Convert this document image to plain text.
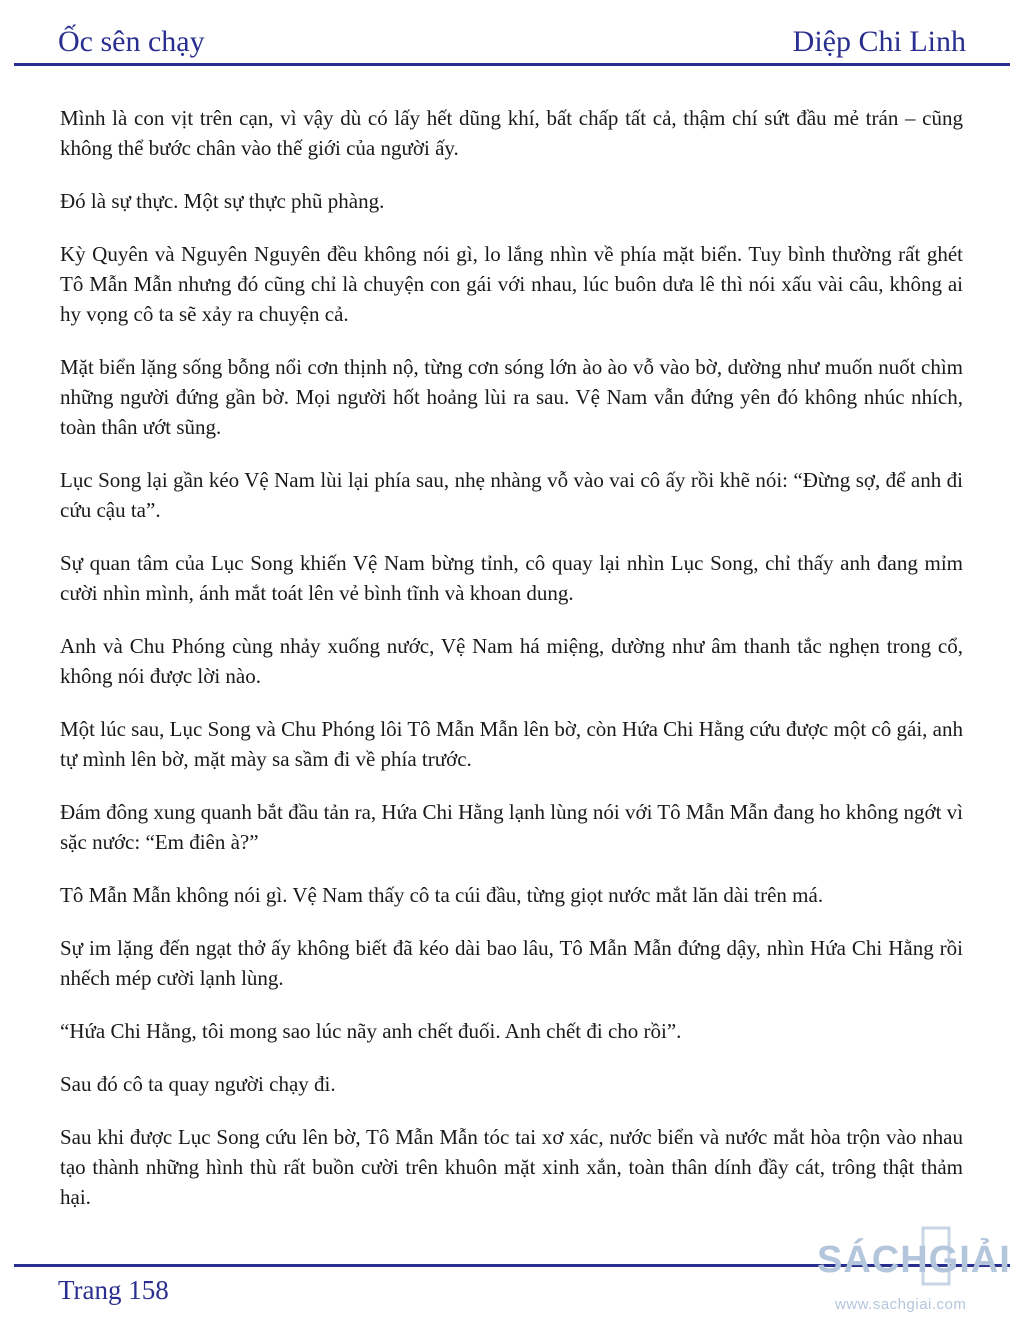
Ốc sên chạy	Diệp Chi Linh

Mình là con vịt trên cạn, vì vậy dù có lấy hết dũng khí, bất chấp tất cả, thậm chí sứt đầu mẻ trán – cũng không thể bước chân vào thế giới của người ấy.

Đó là sự thực. Một sự thực phũ phàng.

Kỳ Quyên và Nguyên Nguyên đều không nói gì, lo lắng nhìn về phía mặt biển. Tuy bình thường rất ghét Tô Mẫn Mẫn nhưng đó cũng chỉ là chuyện con gái với nhau, lúc buôn dưa lê thì nói xấu vài câu, không ai hy vọng cô ta sẽ xảy ra chuyện cả.

Mặt biển lặng sống bỗng nổi cơn thịnh nộ, từng cơn sóng lớn ào ào vỗ vào bờ, dường như muốn nuốt chìm những người đứng gần bờ. Mọi người hốt hoảng lùi ra sau. Vệ Nam vẫn đứng yên đó không nhúc nhích, toàn thân ướt sũng.

Lục Song lại gần kéo Vệ Nam lùi lại phía sau, nhẹ nhàng vỗ vào vai cô ấy rồi khẽ nói: “Đừng sợ, để anh đi cứu cậu ta”.

Sự quan tâm của Lục Song khiến Vệ Nam bừng tỉnh, cô quay lại nhìn Lục Song, chỉ thấy anh đang mỉm cười nhìn mình, ánh mắt toát lên vẻ bình tĩnh và khoan dung.

Anh và Chu Phóng cùng nhảy xuống nước, Vệ Nam há miệng, dường như âm thanh tắc nghẹn trong cổ, không nói được lời nào.

Một lúc sau, Lục Song và Chu Phóng lôi Tô Mẫn Mẫn lên bờ, còn Hứa Chi Hằng cứu được một cô gái, anh tự mình lên bờ, mặt mày sa sầm đi về phía trước.

Đám đông xung quanh bắt đầu tản ra, Hứa Chi Hằng lạnh lùng nói với Tô Mẫn Mẫn đang ho không ngớt vì sặc nước: “Em điên à?”

Tô Mẫn Mẫn không nói gì. Vệ Nam thấy cô ta cúi đầu, từng giọt nước mắt lăn dài trên má.

Sự im lặng đến ngạt thở ấy không biết đã kéo dài bao lâu, Tô Mẫn Mẫn đứng dậy, nhìn Hứa Chi Hằng rồi nhếch mép cười lạnh lùng.

“Hứa Chi Hằng, tôi mong sao lúc nãy anh chết đuối. Anh chết đi cho rồi”.

Sau đó cô ta quay người chạy đi.

Sau khi được Lục Song cứu lên bờ, Tô Mẫn Mẫn tóc tai xơ xác, nước biển và nước mắt hòa trộn vào nhau tạo thành những hình thù rất buồn cười trên khuôn mặt xinh xắn, toàn thân dính đầy cát, trông thật thảm hại.

Trang 158
SÁCHGIẢI
www.sachgiai.com
